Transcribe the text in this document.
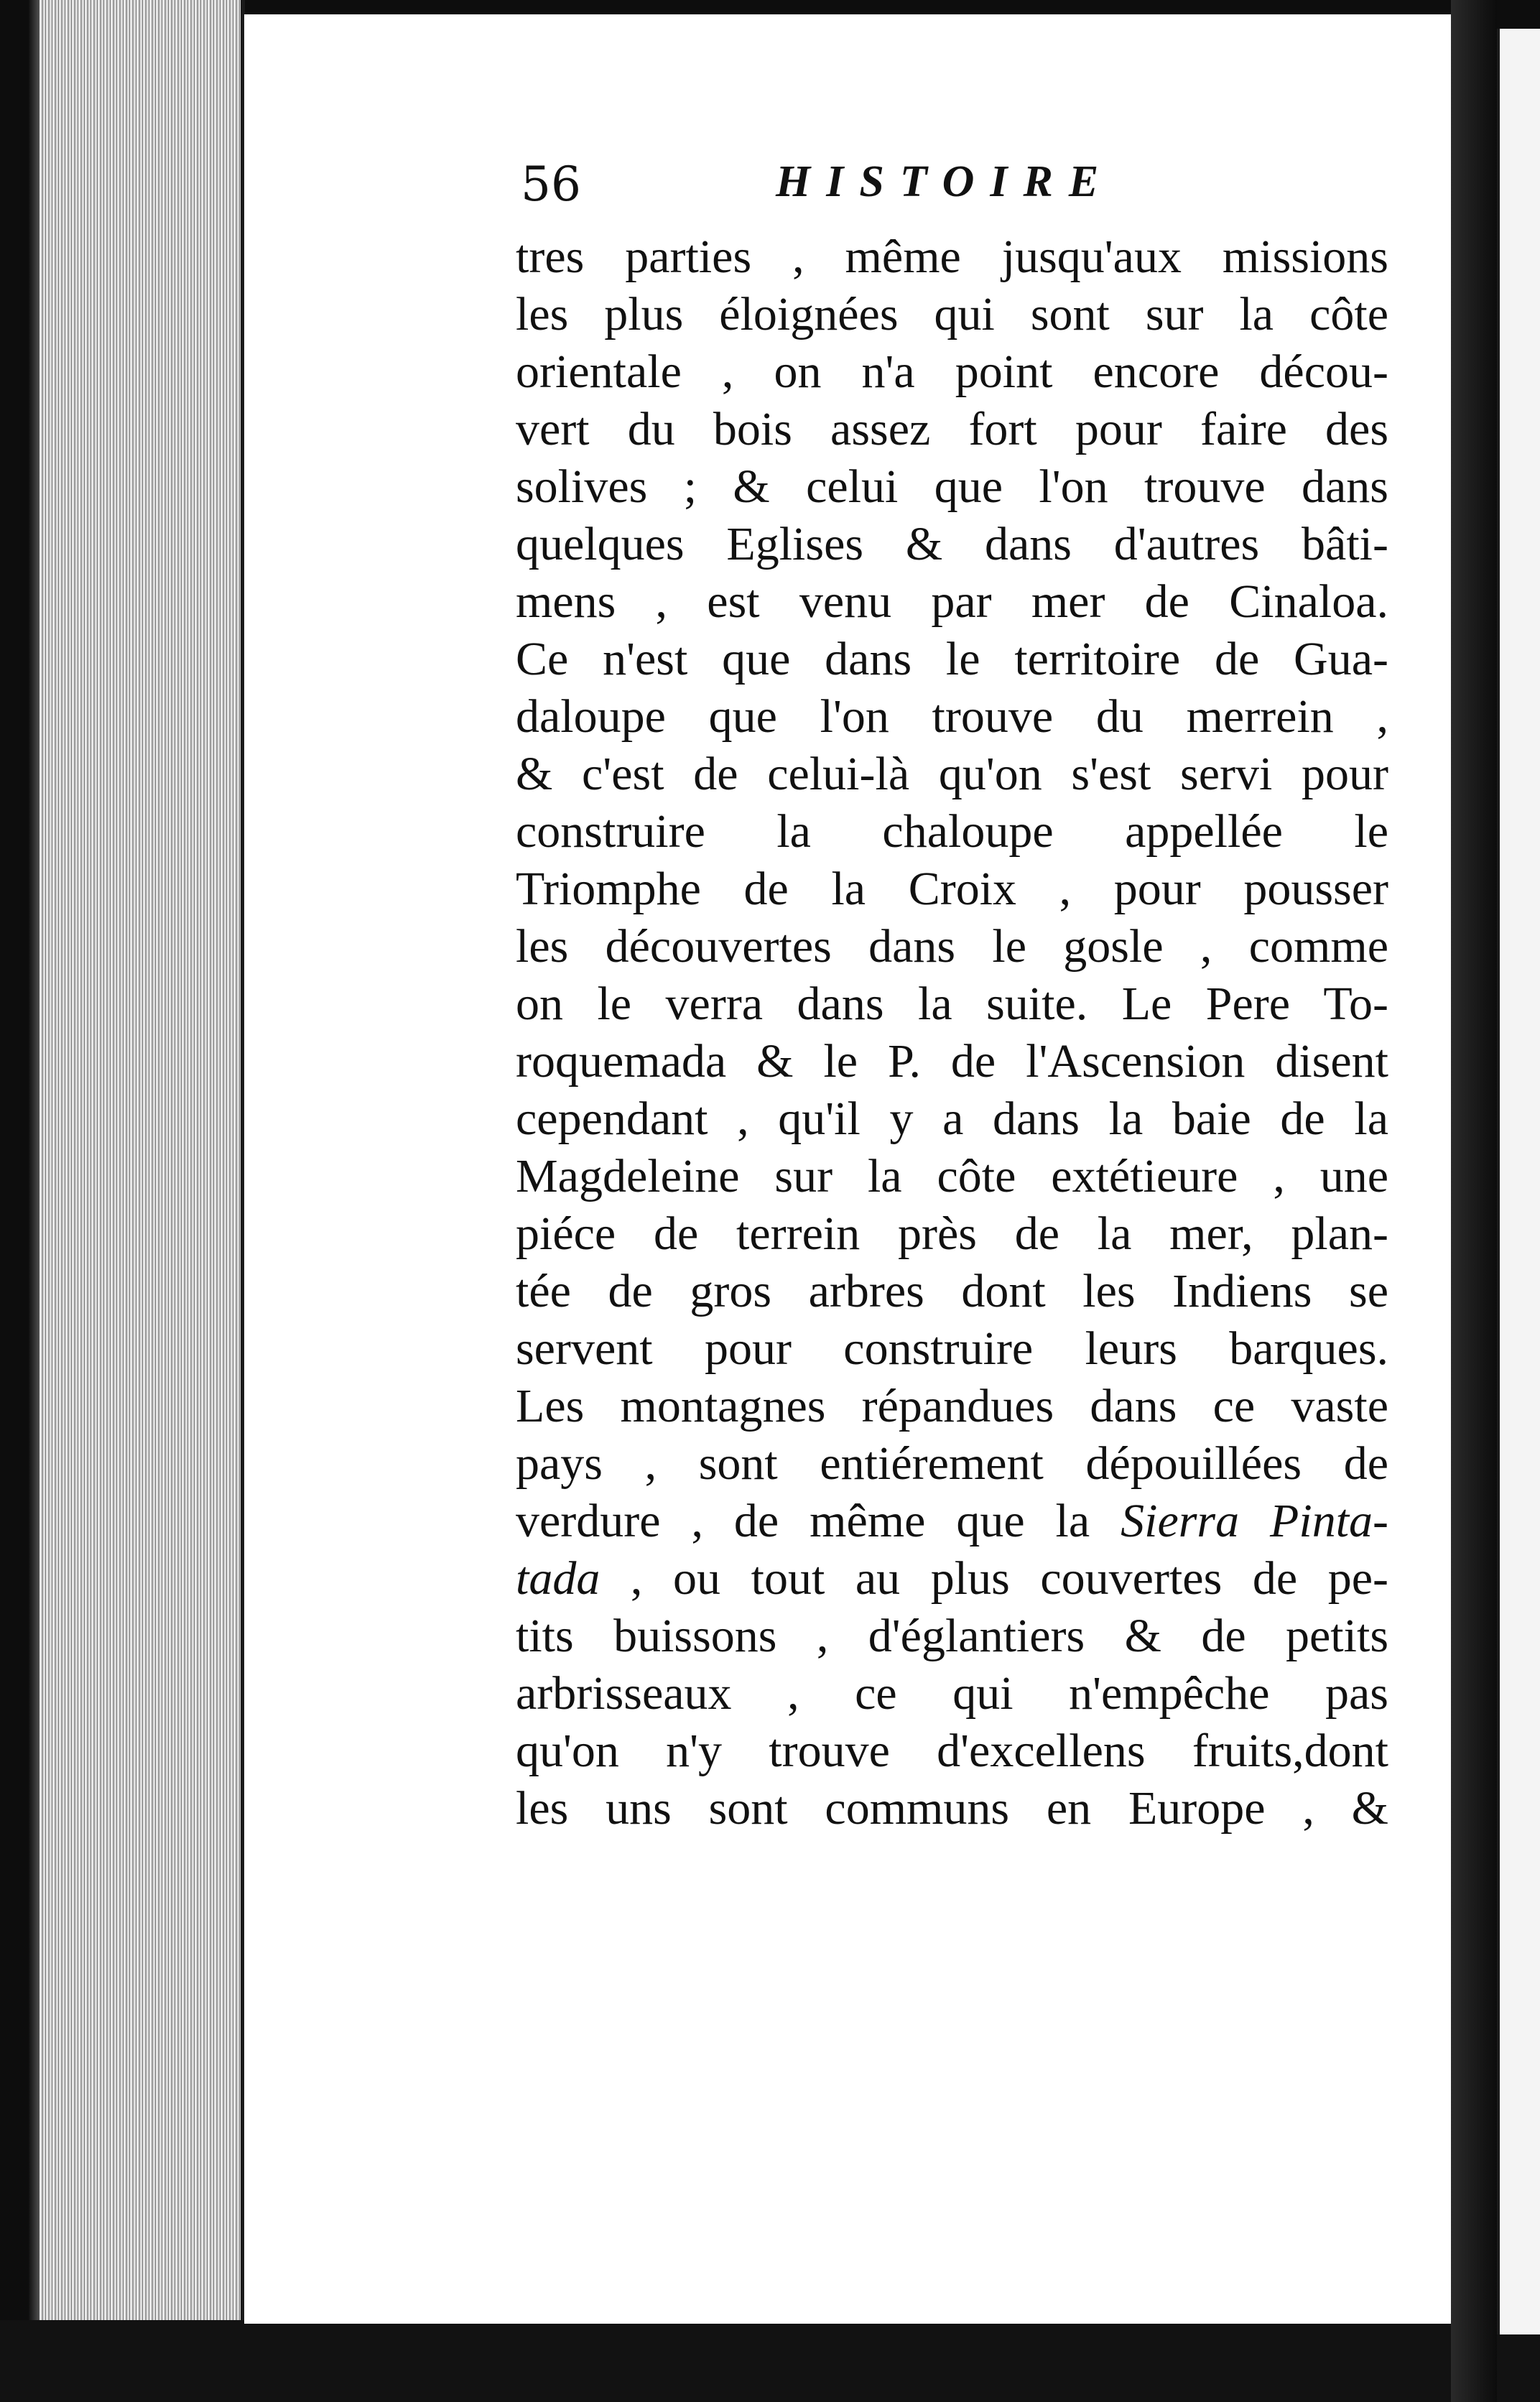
56	HISTOIRE
tres parties , même jusqu'aux missions
les plus éloignées qui sont sur la côte
orientale , on n'a point encore décou-
vert du bois assez fort pour faire des
solives ; & celui que l'on trouve dans
quelques Eglises & dans d'autres bâti-
mens , est venu par mer de Cinaloa.
Ce n'est que dans le territoire de Gua-
daloupe que l'on trouve du merrein ,
& c'est de celui-là qu'on s'est servi pour
construire la chaloupe appellée le
Triomphe de la Croix , pour pousser
les découvertes dans le gosle , comme
on le verra dans la suite. Le Pere To-
roquemada & le P. de l'Ascension disent
cependant , qu'il y a dans la baie de la
Magdeleine sur la côte extétieure , une
piéce de terrein près de la mer, plan-
tée de gros arbres dont les Indiens se
servent pour construire leurs barques.
Les montagnes répandues dans ce vaste
pays , sont entiérement dépouillées de
verdure , de même que la Sierra Pinta-
tada , ou tout au plus couvertes de pe-
tits buissons , d'églantiers & de petits
arbrisseaux , ce qui n'empêche pas
qu'on n'y trouve d'excellens fruits,dont
les uns sont communs en Europe , &
